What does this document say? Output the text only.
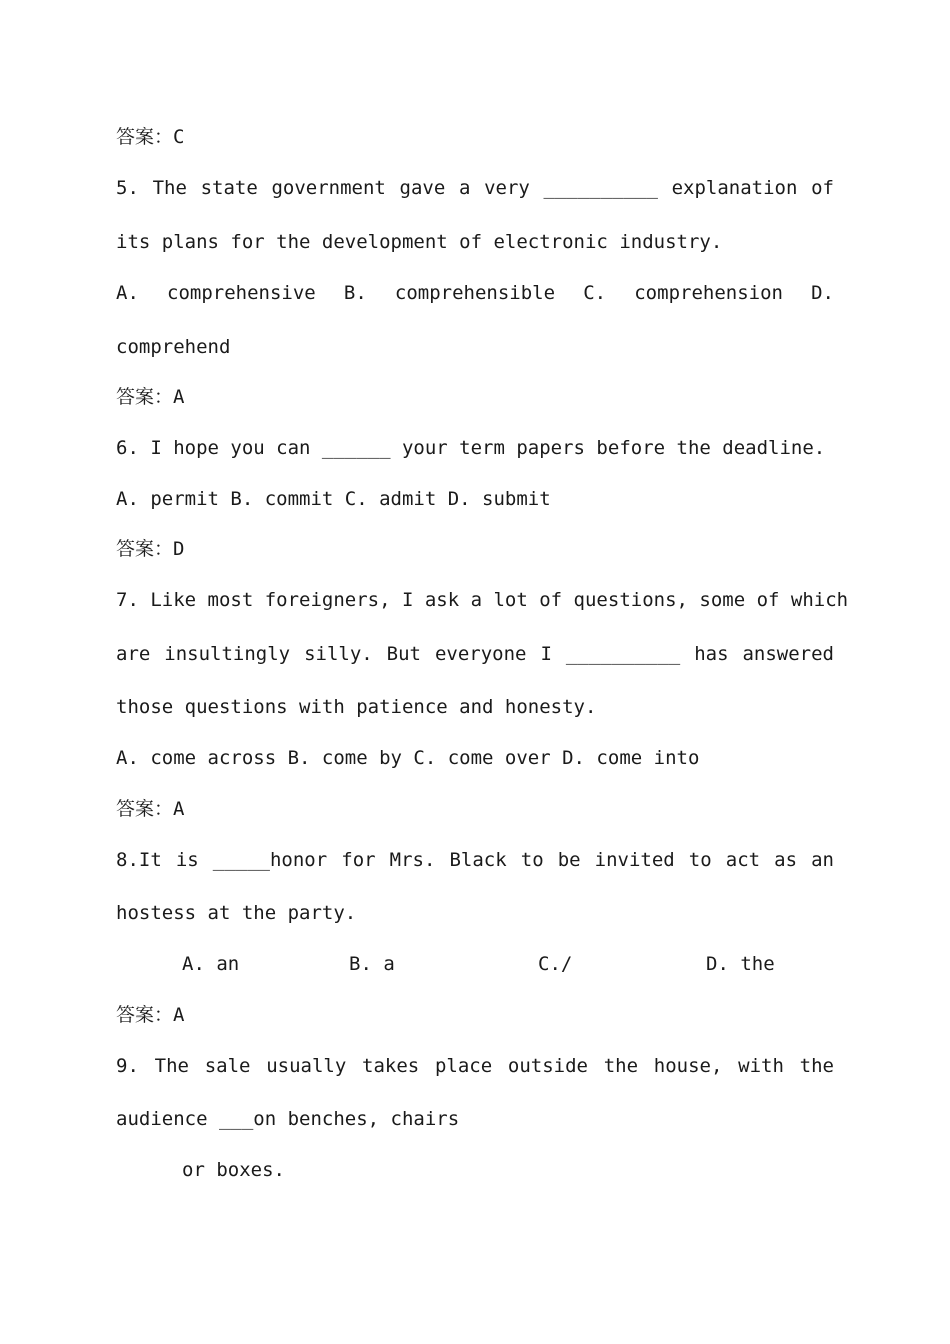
答案：C
5. The state government gave a very __________ explanation of
its plans for the development of electronic industry.
A. comprehensive B. comprehensible C. comprehension D.
comprehend
答案：A
6. I hope you can ______ your term papers before the deadline.
A. permit B. commit C. admit D. submit
答案：D
7. Like most foreigners, I ask a lot of questions, some of which
are insultingly silly. But everyone I __________ has answered
those questions with patience and honesty.
A. come across B. come by C. come over D. come into
答案：A
8.It is _____honor for Mrs. Black to be invited to act as an
hostess at the party.
A. an	B. a	C./	D. the
答案：A
9. The sale usually takes place outside the house, with the
audience ___on benches, chairs
or boxes.
